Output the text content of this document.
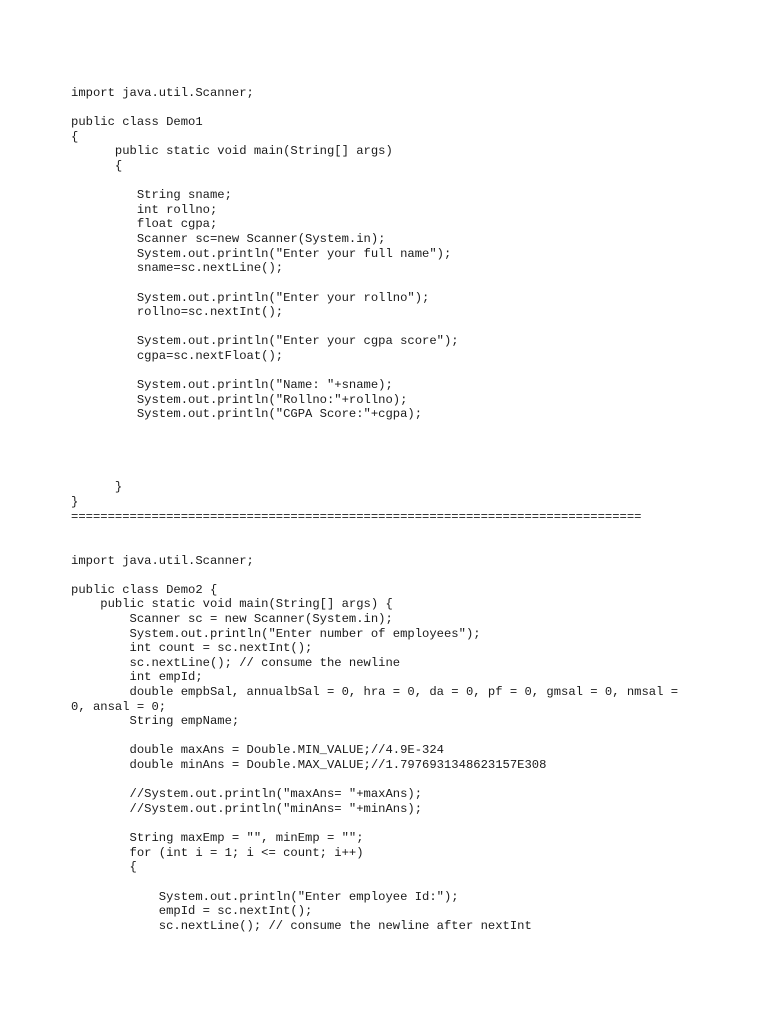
import java.util.Scanner;
public class Demo1
{
public static void main(String[] args)
{
String sname;
int rollno;
float cgpa;
Scanner sc=new Scanner(System.in);
System.out.println("Enter your full name");
sname=sc.nextLine();
System.out.println("Enter your rollno");
rollno=sc.nextInt();
System.out.println("Enter your cgpa score");
cgpa=sc.nextFloat();
System.out.println("Name: "+sname);
System.out.println("Rollno:"+rollno);
System.out.println("CGPA Score:"+cgpa);
}
}
==============================================================================
import java.util.Scanner;
public class Demo2 {
public static void main(String[] args) {
Scanner sc = new Scanner(System.in);
System.out.println("Enter number of employees");
int count = sc.nextInt();
sc.nextLine(); // consume the newline
int empId;
double empbSal, annualbSal = 0, hra = 0, da = 0, pf = 0, gmsal = 0, nmsal =
0, ansal = 0;
String empName;
double maxAns = Double.MIN_VALUE;//4.9E-324
double minAns = Double.MAX_VALUE;//1.7976931348623157E308
//System.out.println("maxAns= "+maxAns);
//System.out.println("minAns= "+minAns);
String maxEmp = "", minEmp = "";
for (int i = 1; i <= count; i++)
{
System.out.println("Enter employee Id:");
empId = sc.nextInt();
sc.nextLine(); // consume the newline after nextInt
